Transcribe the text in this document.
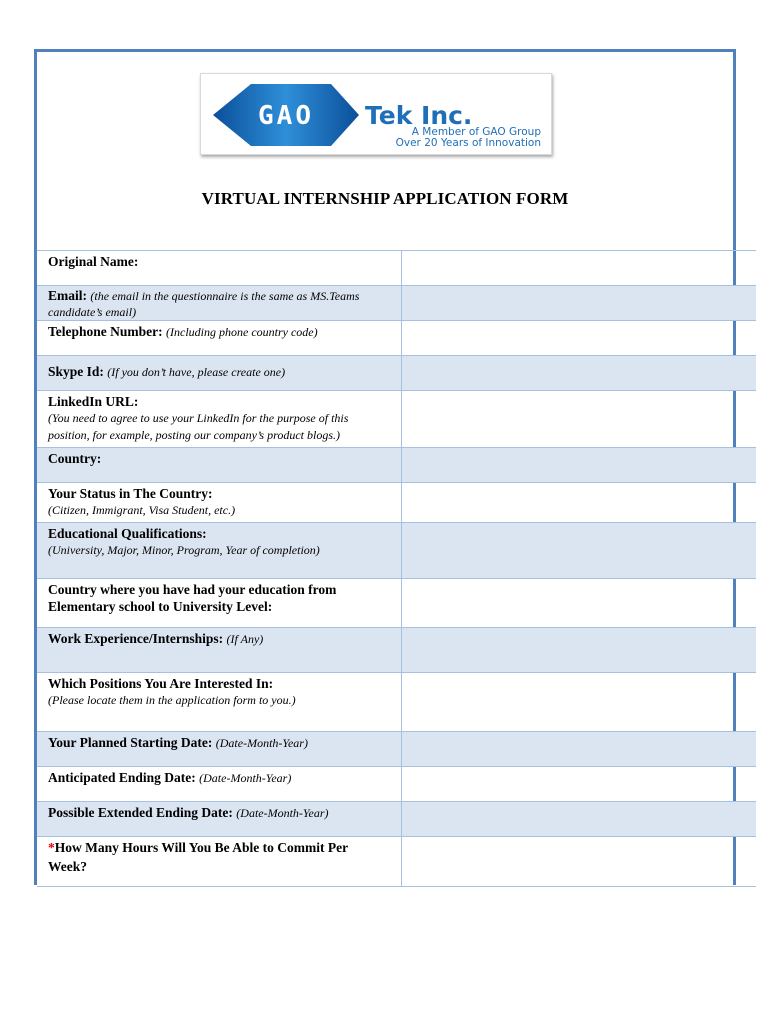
GAO Tek Inc.
A Member of GAO Group
Over 20 Years of Innovation
VIRTUAL INTERNSHIP APPLICATION FORM
Original Name:	
Email: (the email in the questionnaire is the same as MS.Teams candidate’s email)	
Telephone Number: (Including phone country code)	
Skype Id: (If you don’t have, please create one)	

LinkedIn URL:
(You need to agree to use your LinkedIn for the purpose of this position, for example, posting our company’s product blogs.)	

Country:	

Your Status in The Country:
(Citizen, Immigrant, Visa Student, etc.)	

Educational Qualifications:
(University, Major, Minor, Program, Year of completion)	

Country where you have had your education from Elementary school to University Level:	

Work Experience/Internships: (If Any)	

Which Positions You Are Interested In:
(Please locate them in the application form to you.)	

Your Planned Starting Date: (Date-Month-Year)	
Anticipated Ending Date: (Date-Month-Year)	
Possible Extended Ending Date: (Date-Month-Year)	

*How Many Hours Will You Be Able to Commit Per Week?	
